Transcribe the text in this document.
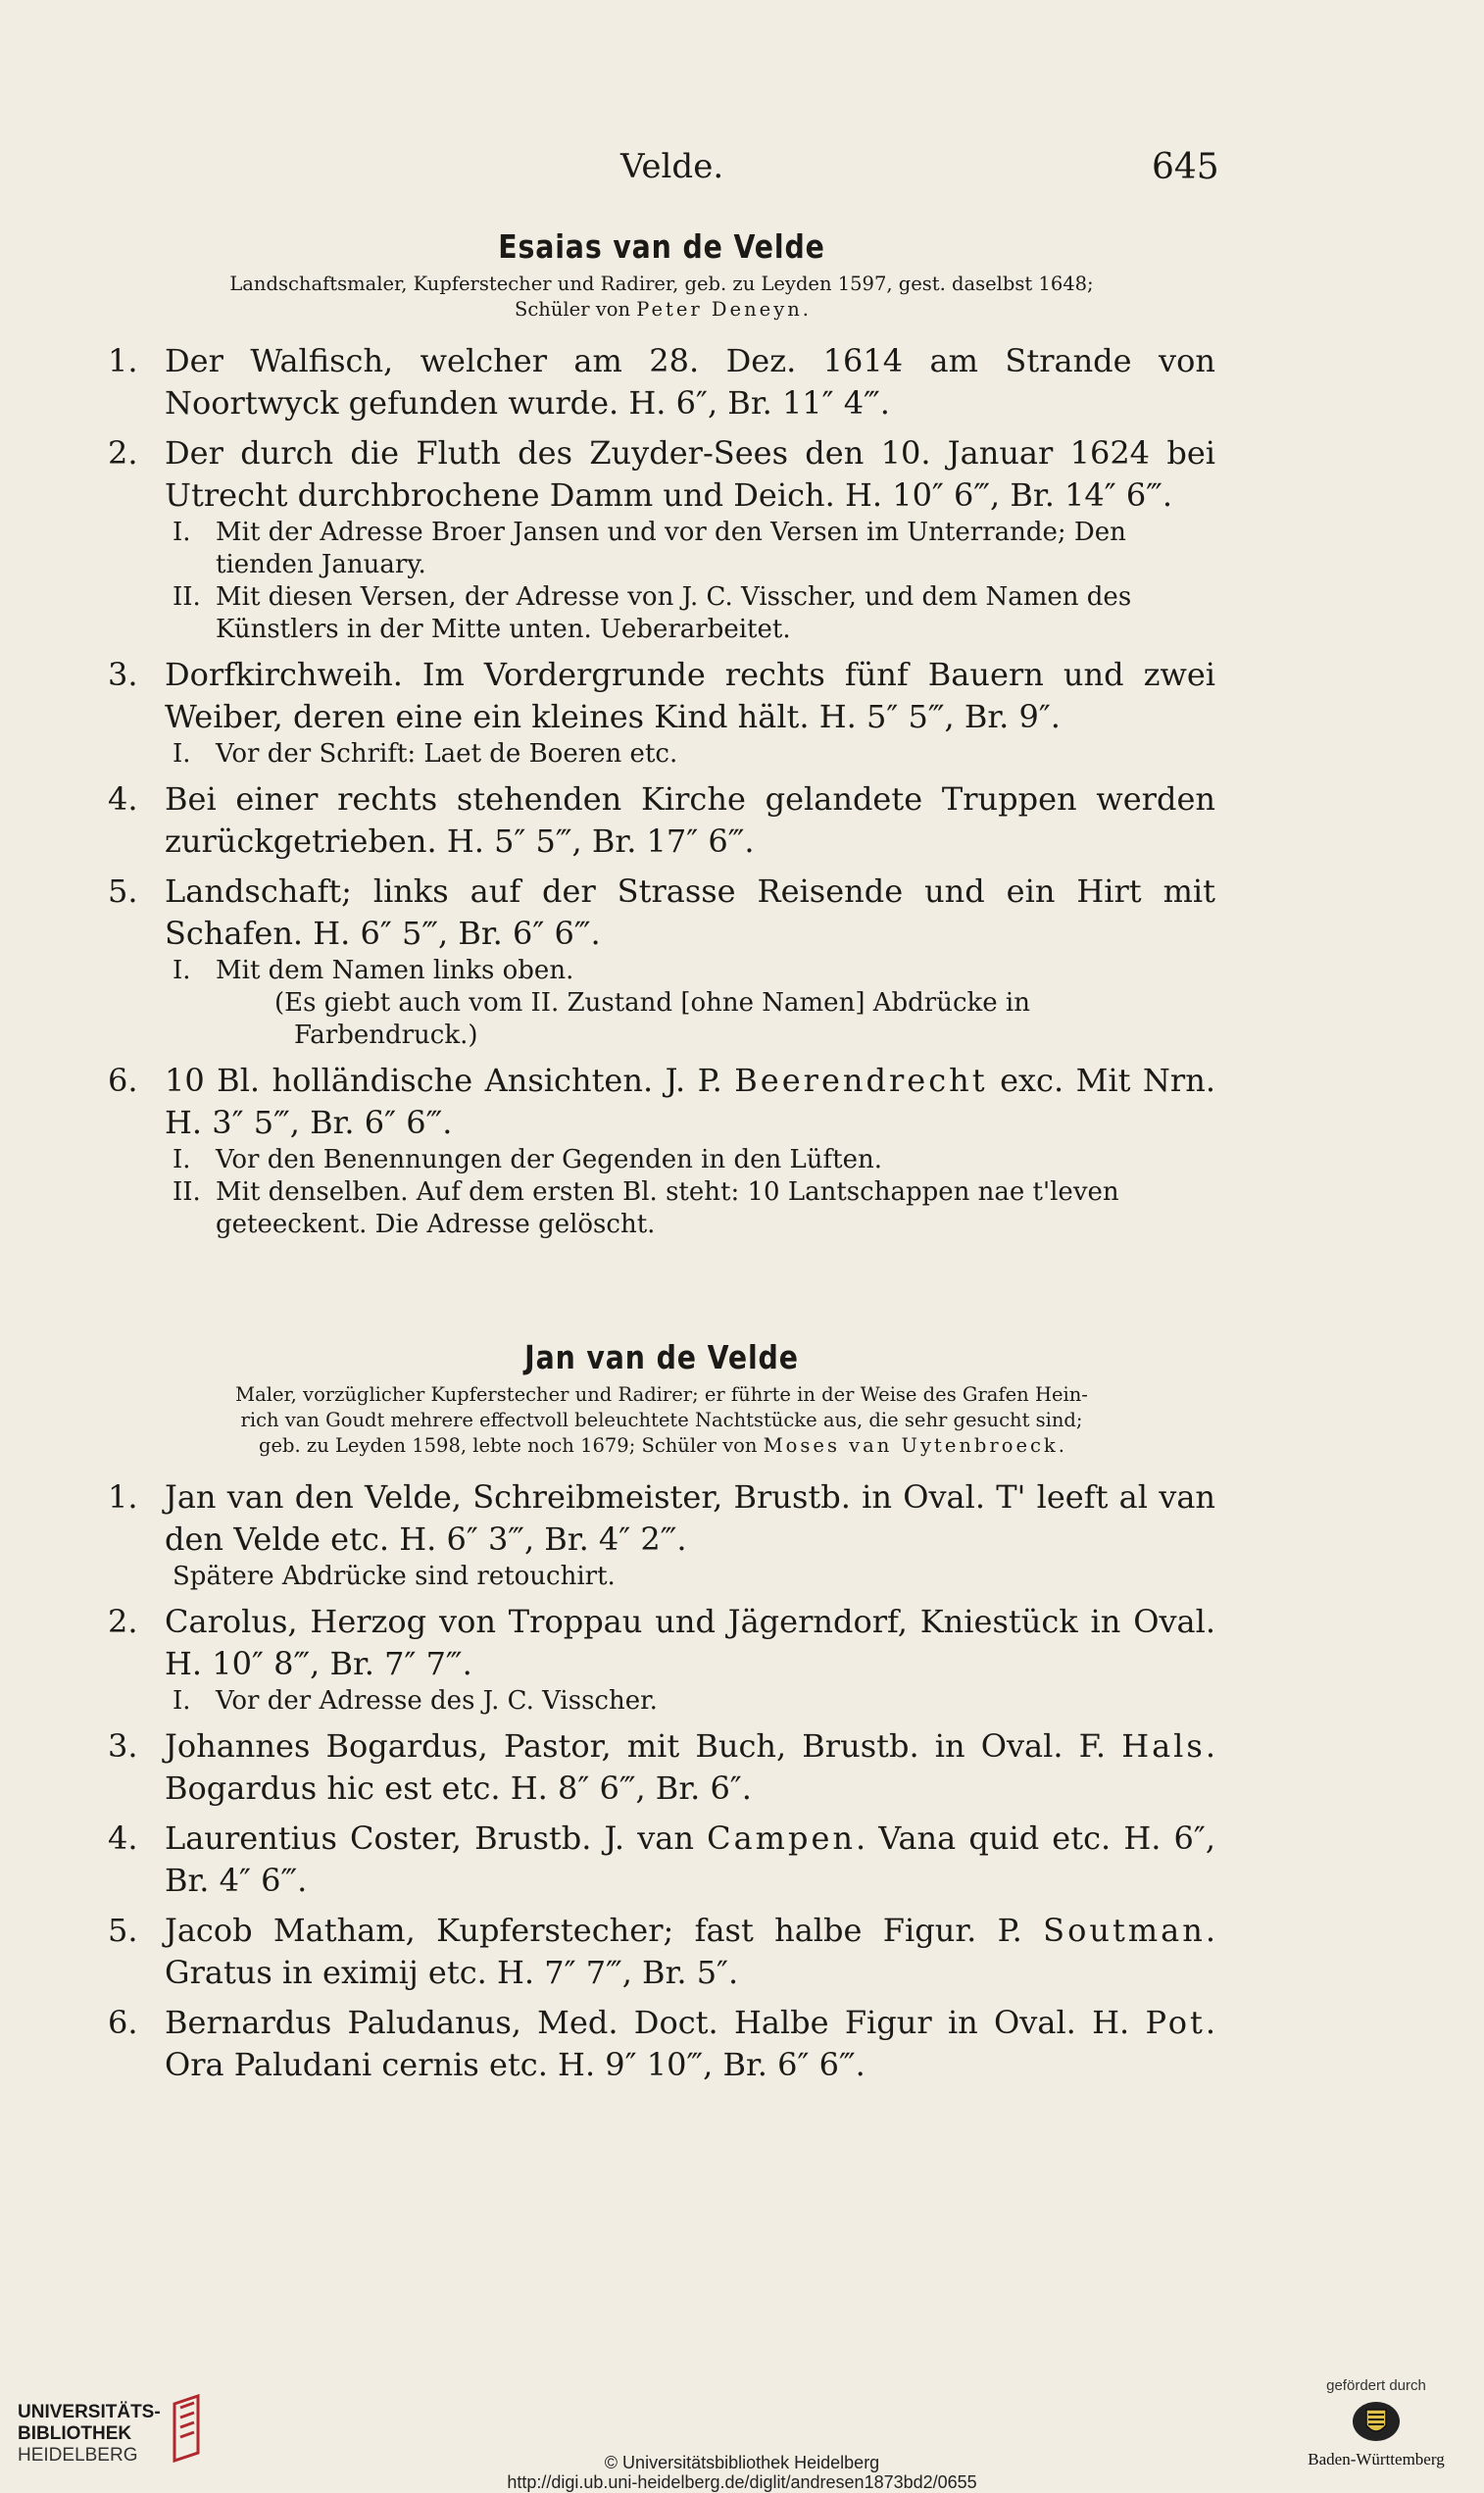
Velde.	645
Esaias van de Velde
Landschaftsmaler, Kupferstecher und Radirer, geb. zu Leyden 1597, gest. daselbst 1648;
Schüler von Peter Deneyn.
1. Der Walfisch, welcher am 28. Dez. 1614 am Strande von Noortwyck gefunden wurde. H. 6″, Br. 11″ 4‴.
2. Der durch die Fluth des Zuyder-Sees den 10. Januar 1624 bei Utrecht durchbrochene Damm und Deich. H. 10″ 6‴, Br. 14″ 6‴.
I. Mit der Adresse Broer Jansen und vor den Versen im Unterrande; Den tienden January.
II. Mit diesen Versen, der Adresse von J. C. Visscher, und dem Namen des Künstlers in der Mitte unten. Ueberarbeitet.
3. Dorfkirchweih. Im Vordergrunde rechts fünf Bauern und zwei Weiber, deren eine ein kleines Kind hält. H. 5″ 5‴, Br. 9″.
I. Vor der Schrift: Laet de Boeren etc.
4. Bei einer rechts stehenden Kirche gelandete Truppen werden zurückgetrieben. H. 5″ 5‴, Br. 17″ 6‴.
5. Landschaft; links auf der Strasse Reisende und ein Hirt mit Schafen. H. 6″ 5‴, Br. 6″ 6‴.
I. Mit dem Namen links oben.
(Es giebt auch vom II. Zustand [ohne Namen] Abdrücke in
Farbendruck.)
6. 10 Bl. holländische Ansichten. J. P. Beerendrecht exc. Mit Nrn. H. 3″ 5‴, Br. 6″ 6‴.
I. Vor den Benennungen der Gegenden in den Lüften.
II. Mit denselben. Auf dem ersten Bl. steht: 10 Lantschappen nae t'leven geteeckent. Die Adresse gelöscht.
Jan van de Velde
Maler, vorzüglicher Kupferstecher und Radirer; er führte in der Weise des Grafen Hein-
rich van Goudt mehrere effectvoll beleuchtete Nachtstücke aus, die sehr gesucht sind;
geb. zu Leyden 1598, lebte noch 1679; Schüler von Moses van Uytenbroeck.
1. Jan van den Velde, Schreibmeister, Brustb. in Oval. T' leeft al van den Velde etc. H. 6″ 3‴, Br. 4″ 2‴.
Spätere Abdrücke sind retouchirt.
2. Carolus, Herzog von Troppau und Jägerndorf, Kniestück in Oval. H. 10″ 8‴, Br. 7″ 7‴.
I. Vor der Adresse des J. C. Visscher.
3. Johannes Bogardus, Pastor, mit Buch, Brustb. in Oval. F. Hals. Bogardus hic est etc. H. 8″ 6‴, Br. 6″.
4. Laurentius Coster, Brustb. J. van Campen. Vana quid etc. H. 6″, Br. 4″ 6‴.
5. Jacob Matham, Kupferstecher; fast halbe Figur. P. Soutman. Gratus in eximij etc. H. 7″ 7‴, Br. 5″.
6. Bernardus Paludanus, Med. Doct. Halbe Figur in Oval. H. Pot. Ora Paludani cernis etc. H. 9″ 10‴, Br. 6″ 6‴.
UNIVERSITÄTS-
BIBLIOTHEK
HEIDELBERG	© Universitätsbibliothek Heidelberg
http://digi.ub.uni-heidelberg.de/diglit/andresen1873bd2/0655
gefördert durch
Baden-Württemberg
